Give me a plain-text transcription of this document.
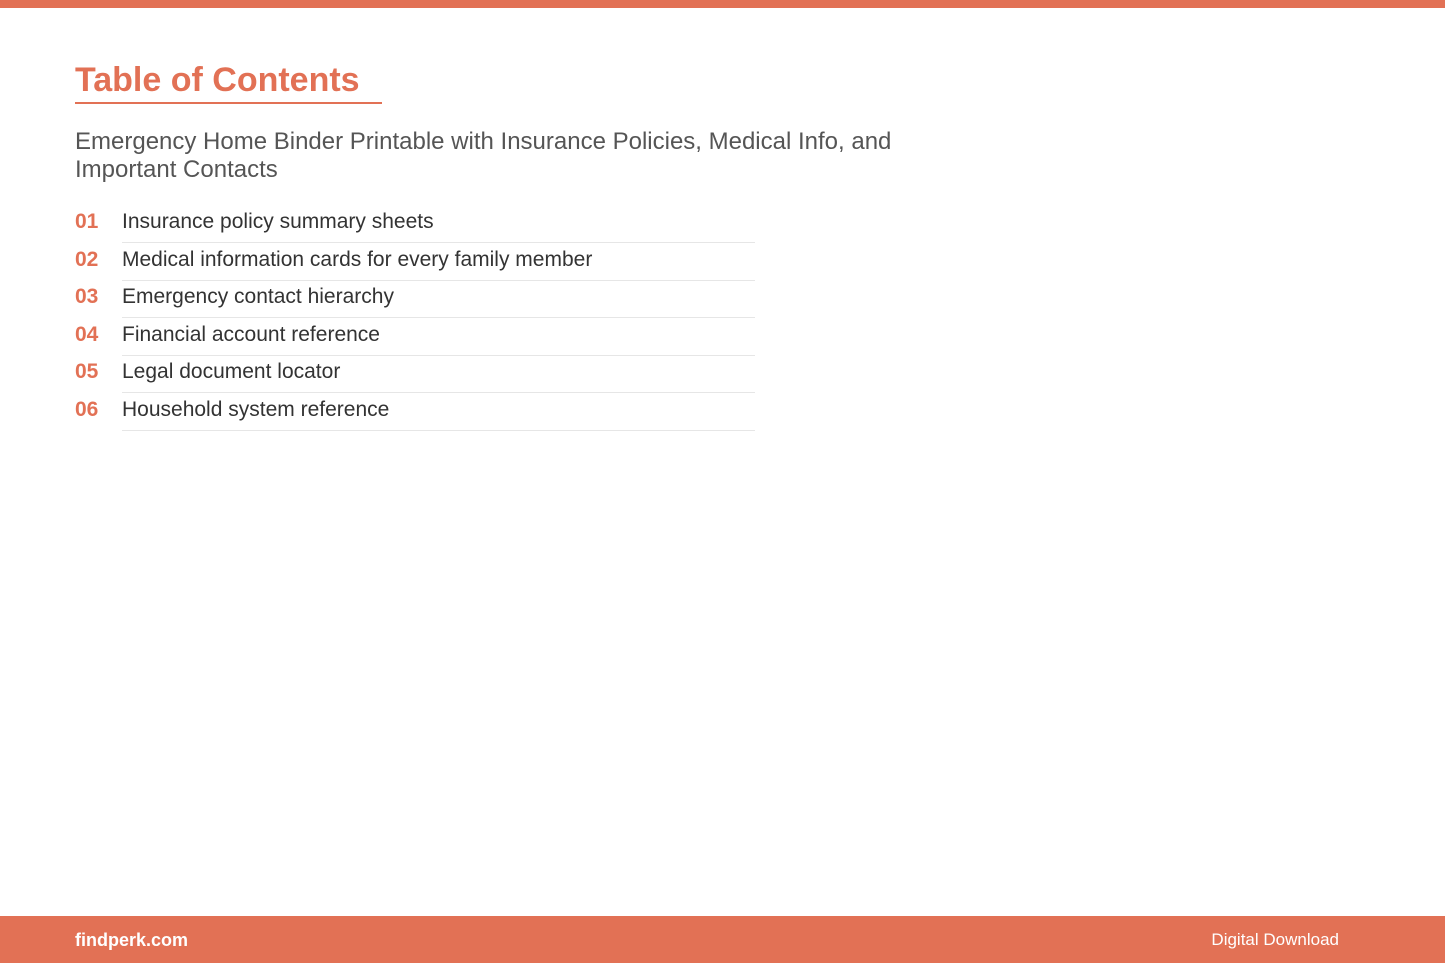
Table of Contents

Emergency Home Binder Printable with Insurance Policies, Medical Info, and Important Contacts

01	Insurance policy summary sheets
02	Medical information cards for every family member
03	Emergency contact hierarchy
04	Financial account reference
05	Legal document locator
06	Household system reference
findperk.com	Digital Download
